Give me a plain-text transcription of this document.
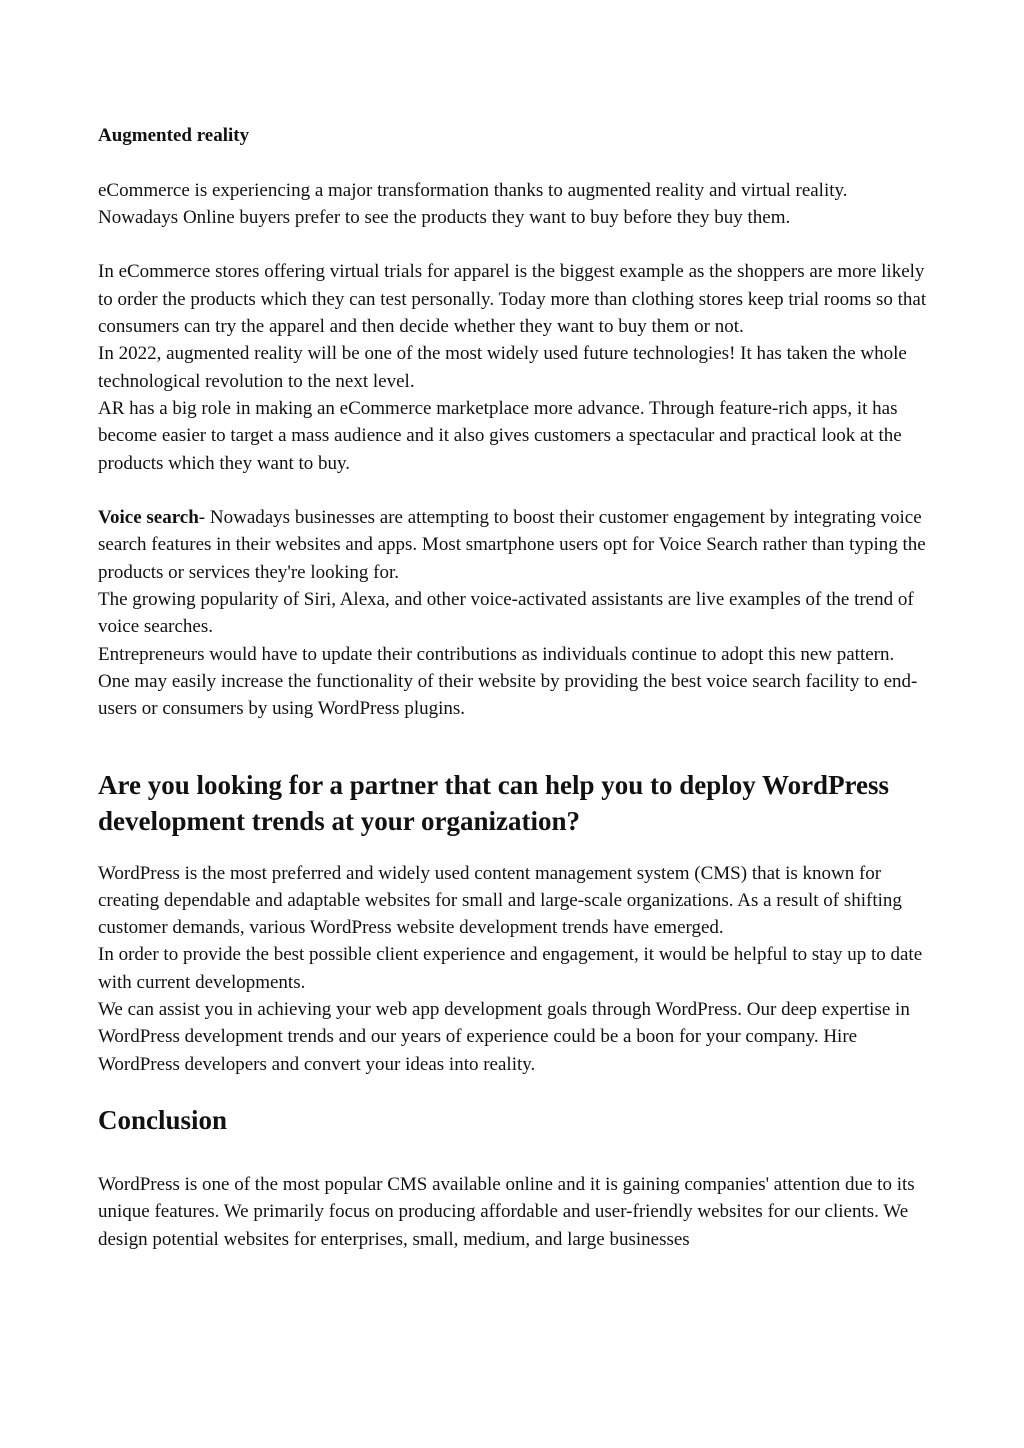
Augmented reality

eCommerce is experiencing a major transformation thanks to augmented reality and virtual reality. Nowadays Online buyers prefer to see the products they want to buy before they buy them.

In eCommerce stores offering virtual trials for apparel is the biggest example as the shoppers are more likely to order the products which they can test personally. Today more than clothing stores keep trial rooms so that consumers can try the apparel and then decide whether they want to buy them or not.

In 2022, augmented reality will be one of the most widely used future technologies! It has taken the whole technological revolution to the next level.

AR has a big role in making an eCommerce marketplace more advance. Through feature-rich apps, it has become easier to target a mass audience and it also gives customers a spectacular and practical look at the products which they want to buy.

Voice search- Nowadays businesses are attempting to boost their customer engagement by integrating voice search features in their websites and apps. Most smartphone users opt for Voice Search rather than typing the products or services they're looking for.

The growing popularity of Siri, Alexa, and other voice-activated assistants are live examples of the trend of voice searches.

Entrepreneurs would have to update their contributions as individuals continue to adopt this new pattern.

One may easily increase the functionality of their website by providing the best voice search facility to end-users or consumers by using WordPress plugins.

Are you looking for a partner that can help you to deploy WordPress development trends at your organization?

WordPress is the most preferred and widely used content management system (CMS) that is known for creating dependable and adaptable websites for small and large-scale organizations. As a result of shifting customer demands, various WordPress website development trends have emerged.

In order to provide the best possible client experience and engagement, it would be helpful to stay up to date with current developments.

We can assist you in achieving your web app development goals through WordPress. Our deep expertise in WordPress development trends and our years of experience could be a boon for your company. Hire WordPress developers and convert your ideas into reality.

Conclusion

WordPress is one of the most popular CMS available online and it is gaining companies' attention due to its unique features. We primarily focus on producing affordable and user-friendly websites for our clients. We design potential websites for enterprises, small, medium, and large businesses
